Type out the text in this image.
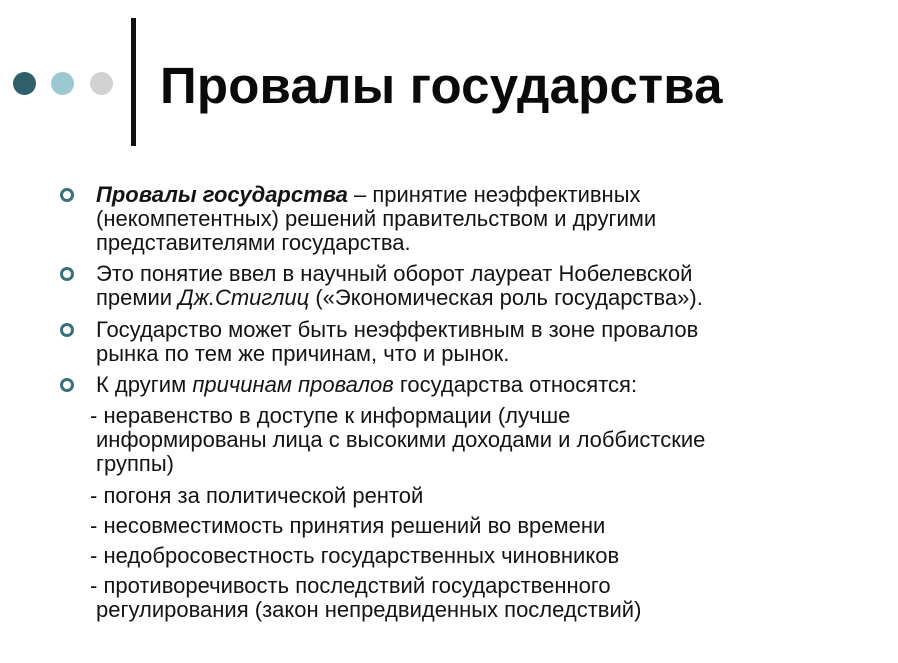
Провалы государства
Провалы государства – принятие неэффективных
(некомпетентных) решений правительством и другими
представителями государства.
Это понятие ввел в научный оборот лауреат Нобелевской
премии Дж.Стиглиц («Экономическая роль государства»).
Государство может быть неэффективным в зоне провалов
рынка по тем же причинам, что и рынок.
К другим причинам провалов государства относятся:
- неравенство в доступе к информации (лучше
информированы лица с высокими доходами и лоббистские
группы)
- погоня за политической рентой
- несовместимость принятия решений во времени
- недобросовестность государственных чиновников
- противоречивость последствий государственного
регулирования (закон непредвиденных последствий)
